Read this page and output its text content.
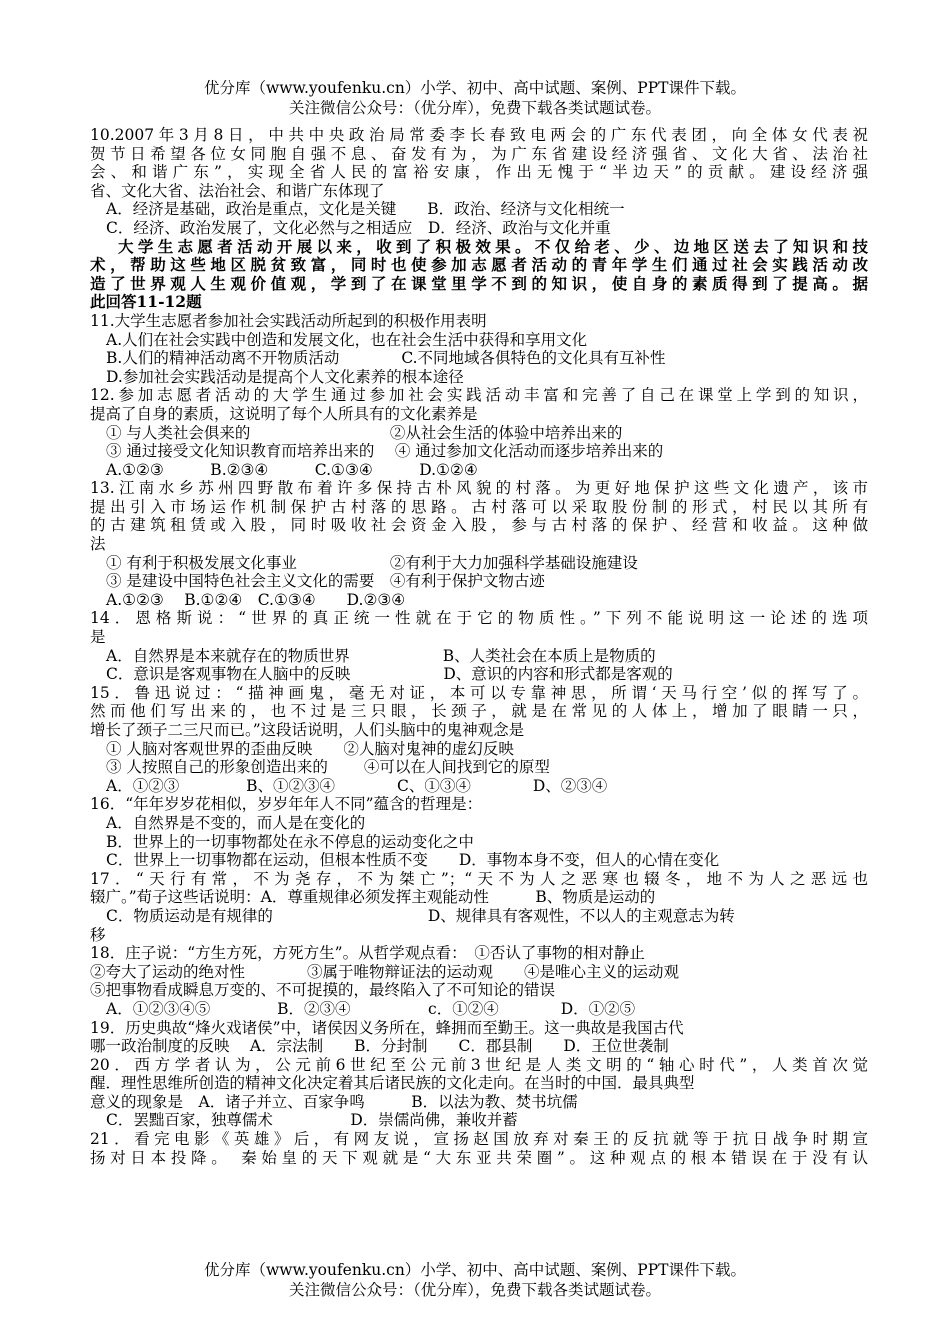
优分库（www.youfenku.cn）小学、初中、高中试题、案例、PPT课件下载。
关注微信公众号：（优分库），免费下载各类试题试卷。
10.2007年3月8日，中共中央政治局常委李长春致电两会的广东代表团，向全体女代表祝
贺节日希望各位女同胞自强不息、奋发有为，为广东省建设经济强省、文化大省、法治社
会、和谐广东”，实现全省人民的富裕安康，作出无愧于“半边天”的贡献。建设经济强
省、文化大省、法治社会、和谐广东体现了
A．经济是基础，政治是重点，文化是关键　　B．政治、经济与文化相统一
C．经济、政治发展了，文化必然与之相适应　D．经济、政治与文化并重
大学生志愿者活动开展以来，收到了积极效果。不仅给老、少、边地区送去了知识和技
术，帮助这些地区脱贫致富，同时也使参加志愿者活动的青年学生们通过社会实践活动改
造了世界观人生观价值观，学到了在课堂里学不到的知识，使自身的素质得到了提高。据
此回答11-12题
11.大学生志愿者参加社会实践活动所起到的积极作用表明
A.人们在社会实践中创造和发展文化，也在社会生活中获得和享用文化
B.人们的精神活动离不开物质活动　　　　C.不同地域各俱特色的文化具有互补性
D.参加社会实践活动是提高个人文化素养的根本途径
12.参加志愿者活动的大学生通过参加社会实践活动丰富和完善了自己在课堂上学到的知识，
提高了自身的素质，这说明了每个人所具有的文化素养是
① 与人类社会俱来的　　　　　　　　　②从社会生活的体验中培养出来的
③ 通过接受文化知识教育而培养出来的　 ④ 通过参加文化活动而逐步培养出来的
A.①②③　　　B.②③④　　　C.①③④　　　D.①②④
13.江南水乡苏州四野散布着许多保持古朴风貌的村落。为更好地保护这些文化遗产，该市
提出引入市场运作机制保护古村落的思路。古村落可以采取股份制的形式，村民以其所有
的古建筑租赁或入股，同时吸收社会资金入股，参与古村落的保护、经营和收益。这种做
法
① 有利于积极发展文化事业　　　　　　②有利于大力加强科学基础设施建设
③ 是建设中国特色社会主义文化的需要　④有利于保护文物古迹
A.①②③　 B.①②④　C.①③④　　D.②③④
14．恩格斯说：“世界的真正统一性就在于它的物质性。”下列不能说明这一论述的选项
是
A．自然界是本来就存在的物质世界　　　　　　B、人类社会在本质上是物质的
C．意识是客观事物在人脑中的反映　　　　　　D、意识的内容和形式都是客观的
15．鲁迅说过：“描神画鬼，毫无对证，本可以专靠神思，所谓‘天马行空’似的挥写了。
然而他们写出来的，也不过是三只眼，长颈子，就是在常见的人体上，增加了眼睛一只，
增长了颈子二三尺而已。”这段话说明，人们头脑中的鬼神观念是
① 人脑对客观世界的歪曲反映　　②人脑对鬼神的虚幻反映
③ 人按照自己的形象创造出来的　　 ④可以在人间找到它的原型
A．①②③　　　　 B、①②③④　　　　C、①③④　　　　D、②③④
16．“年年岁岁花相似，岁岁年年人不同”蕴含的哲理是：
A．自然界是不变的，而人是在变化的
B．世界上的一切事物都处在永不停息的运动变化之中
C．世界上一切事物都在运动，但根本性质不变　　D．事物本身不变，但人的心情在变化
17．“天行有常，不为尧存，不为桀亡”；“天不为人之恶寒也辍冬，地不为人之恶远也
辍广。”荀子这些话说明：A．尊重规律必须发挥主观能动性　　　B、物质是运动的
C．物质运动是有规律的　　　　　　　　　　D、规律具有客观性，不以人的主观意志为转
移
18．庄子说：“方生方死，方死方生”。从哲学观点看：　①否认了事物的相对静止
②夸大了运动的绝对性　　　　③属于唯物辩证法的运动观　　④是唯心主义的运动观
⑤把事物看成瞬息万变的、不可捉摸的，最终陷入了不可知论的错误
A．①②③④⑤　　　　 B．②③④　　　　　c．①②④　　　　D．①②⑤
19．历史典故“烽火戏诸侯”中，诸侯因义务所在，蜂拥而至勤王。这一典故是我国古代
哪一政治制度的反映　 A．宗法制　　B．分封制　　C．郡县制　　D．王位世袭制
20．西方学者认为，公元前6世纪至公元前3世纪是人类文明的“轴心时代”，人类首次觉
醒．理性思维所创造的精神文化决定着其后诸民族的文化走向。在当时的中国．最具典型
意义的现象是　A．诸子并立、百家争鸣　　　B．以法为教、焚书坑儒
C．罢黜百家，独尊儒术　　　　　D．崇儒尚佛，兼收并蓄
21．看完电影《英雄》后，有网友说，宣扬赵国放弃对秦王的反抗就等于抗日战争时期宣
扬对日本投降。 秦始皇的天下观就是“大东亚共荣圈”。这种观点的根本错误在于没有认
优分库（www.youfenku.cn）小学、初中、高中试题、案例、PPT课件下载。
关注微信公众号：（优分库），免费下载各类试题试卷。
